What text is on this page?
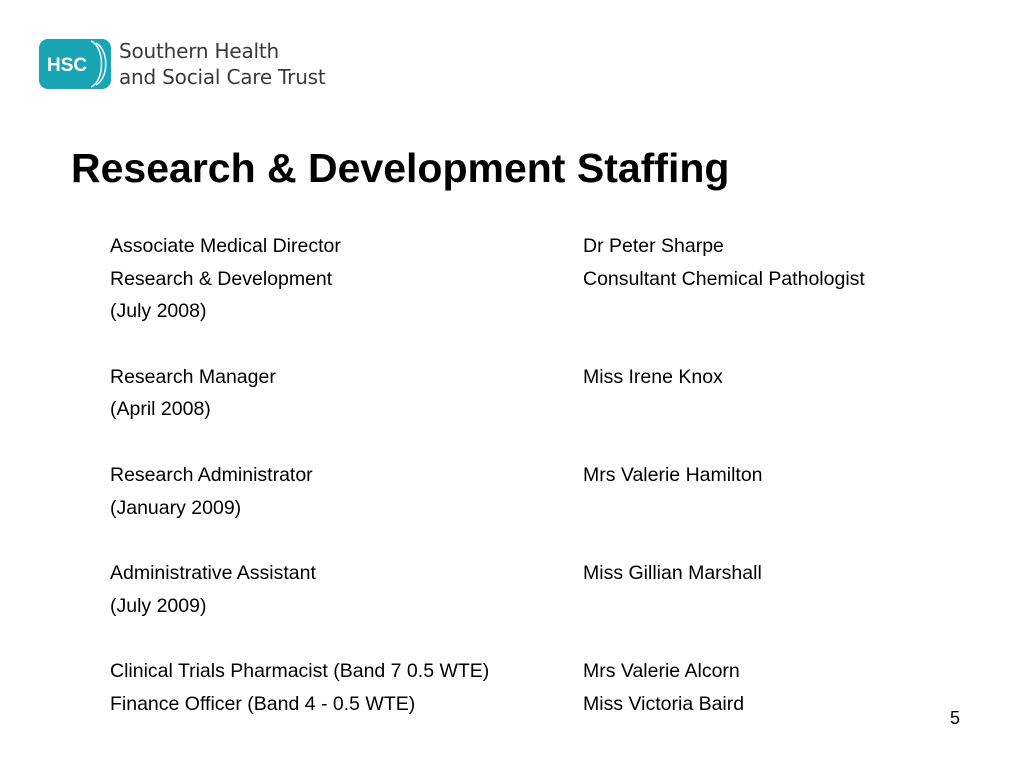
HSC
Southern Health
and Social Care Trust
Research & Development Staffing
Associate Medical Director	Dr Peter Sharpe
Research & Development	Consultant Chemical Pathologist
(July 2008)
Research Manager	Miss Irene Knox
(April 2008)
Research Administrator	Mrs Valerie Hamilton
(January 2009)
Administrative Assistant	Miss Gillian Marshall
(July 2009)
Clinical Trials Pharmacist (Band 7 0.5 WTE)	Mrs Valerie Alcorn
Finance Officer (Band 4 - 0.5 WTE)	Miss Victoria Baird
5
